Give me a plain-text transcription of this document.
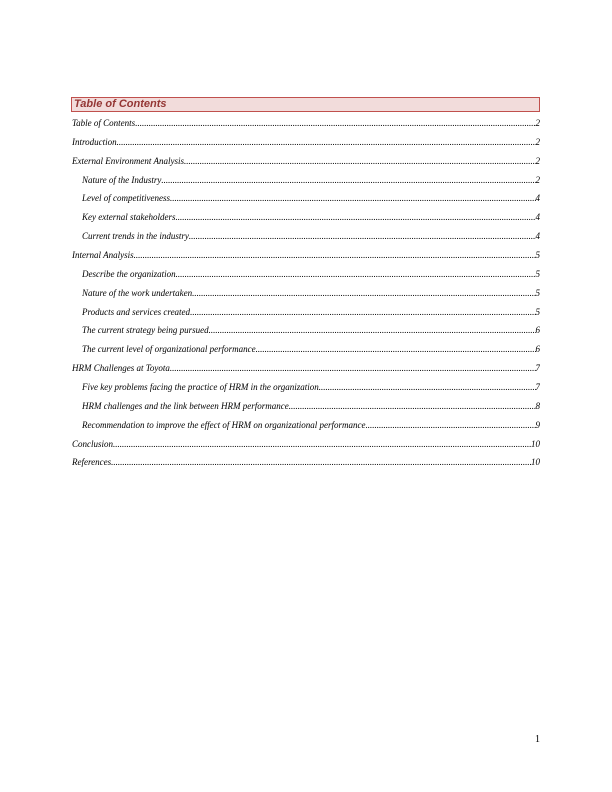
Table of Contents
Table of Contents .....	2
Introduction .....	2
External Environment Analysis .....	2
Nature of the Industry .....	2
Level of competitiveness .....	4
Key external stakeholders .....	4
Current trends in the industry .....	4
Internal Analysis .....	5
Describe the organization .....	5
Nature of the work undertaken .....	5
Products and services created .....	5
The current strategy being pursued .....	6
The current level of organizational performance .....	6
HRM Challenges at Toyota .....	7
Five key problems facing the practice of HRM in the organization .....	7
HRM challenges and the link between HRM performance .....	8
Recommendation to improve the effect of HRM on organizational performance .....	9
Conclusion .....	10
References .....	10
1
